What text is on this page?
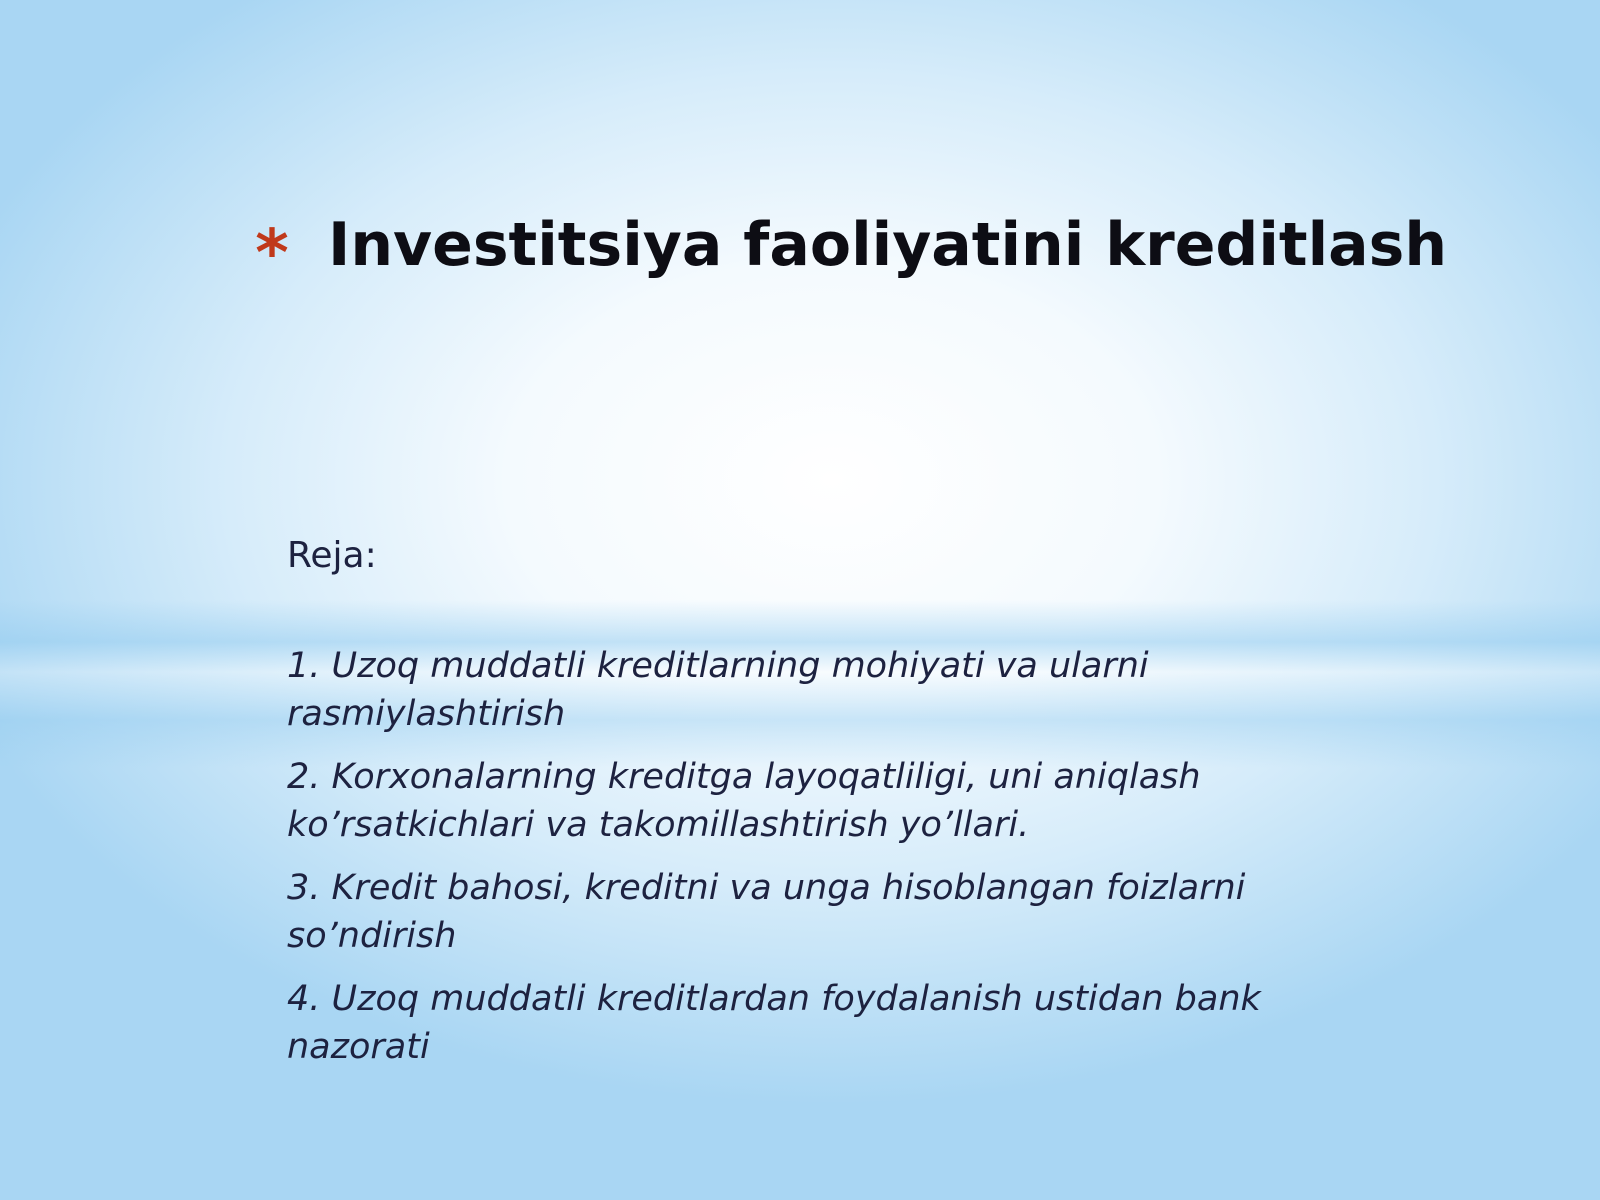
* Investitsiya faoliyatini kreditlash

Reja:

1. Uzoq muddatli kreditlarning mohiyati va ularni rasmiylashtirish
2. Korxonalarning kreditga layoqatliligi, uni aniqlash ko’rsatkichlari va takomillashtirish yo’llari.
3. Kredit bahosi, kreditni va unga hisoblangan foizlarni so’ndirish
4. Uzoq muddatli kreditlardan foydalanish ustidan bank nazorati
